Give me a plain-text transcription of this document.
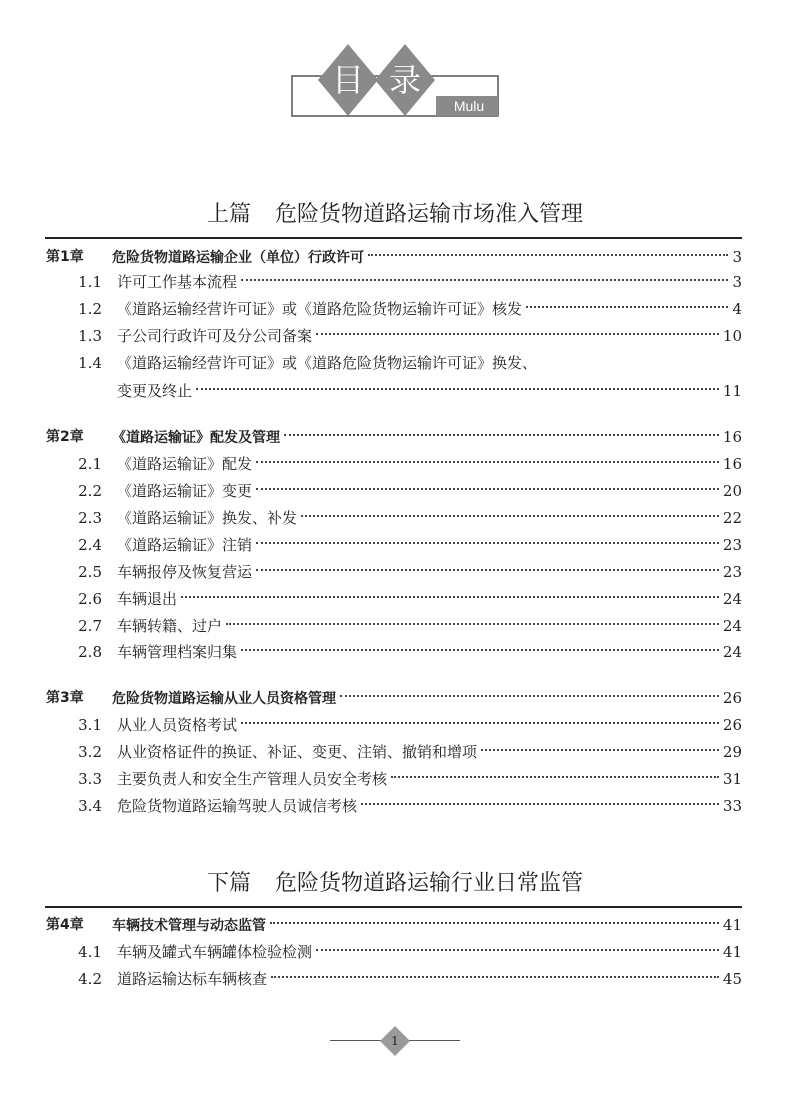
目 录
Mulu
上篇 危险货物道路运输市场准入管理
下篇 危险货物道路运输行业日常监管
第1章 危险货物道路运输企业（单位）行政许可	3
1.1 许可工作基本流程	3
1.2 《道路运输经营许可证》或《道路危险货物运输许可证》核发	4
1.3 子公司行政许可及分公司备案	10
1.4 《道路运输经营许可证》或《道路危险货物运输许可证》换发、
变更及终止	11
第2章 《道路运输证》配发及管理	16
2.1 《道路运输证》配发	16
2.2 《道路运输证》变更	20
2.3 《道路运输证》换发、补发	22
2.4 《道路运输证》注销	23
2.5 车辆报停及恢复营运	23
2.6 车辆退出	24
2.7 车辆转籍、过户	24
2.8 车辆管理档案归集	24
第3章 危险货物道路运输从业人员资格管理	26
3.1 从业人员资格考试	26
3.2 从业资格证件的换证、补证、变更、注销、撤销和增项	29
3.3 主要负责人和安全生产管理人员安全考核	31
3.4 危险货物道路运输驾驶人员诚信考核	33
第4章 车辆技术管理与动态监管	41
4.1 车辆及罐式车辆罐体检验检测	41
4.2 道路运输达标车辆核查	45
1
